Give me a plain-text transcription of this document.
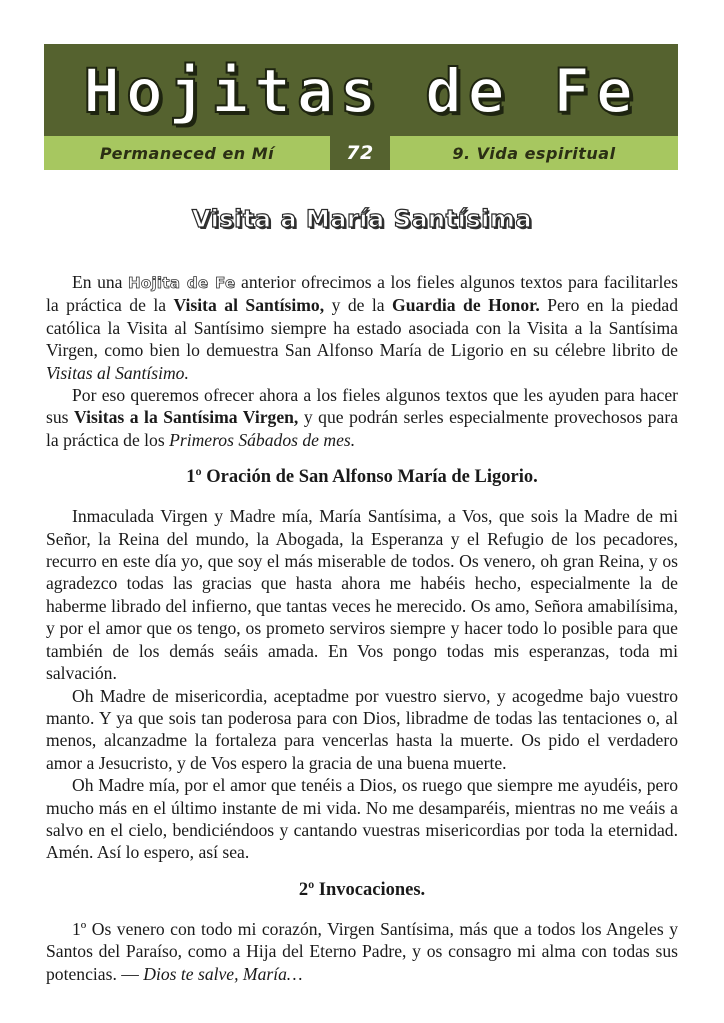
Hojitas de Fe
Permaneced en Mí	72	9. Vida espiritual
Visita a María Santísima

En una Hojita de Fe anterior ofrecimos a los fieles algunos textos para facilitarles la práctica de la Visita al Santísimo, y de la Guardia de Honor. Pero en la piedad católica la Visita al Santísimo siempre ha estado asociada con la Visita a la Santísima Virgen, como bien lo demuestra San Alfonso María de Ligorio en su célebre librito de Visitas al Santísimo.

Por eso queremos ofrecer ahora a los fieles algunos textos que les ayuden para hacer sus Visitas a la Santísima Virgen, y que podrán serles especialmente provechosos para la práctica de los Primeros Sábados de mes.

1º Oración de San Alfonso María de Ligorio.

Inmaculada Virgen y Madre mía, María Santísima, a Vos, que sois la Madre de mi Señor, la Reina del mundo, la Abogada, la Esperanza y el Refugio de los pecadores, recurro en este día yo, que soy el más miserable de todos. Os venero, oh gran Reina, y os agradezco todas las gracias que hasta ahora me habéis hecho, especialmente la de haberme librado del infierno, que tantas veces he merecido. Os amo, Señora amabilísima, y por el amor que os tengo, os prometo serviros siempre y hacer todo lo posible para que también de los demás seáis amada. En Vos pongo todas mis esperanzas, toda mi salvación.

Oh Madre de misericordia, aceptadme por vuestro siervo, y acogedme bajo vuestro manto. Y ya que sois tan poderosa para con Dios, libradme de todas las tentaciones o, al menos, alcanzadme la fortaleza para vencerlas hasta la muerte. Os pido el verdadero amor a Jesucristo, y de Vos espero la gracia de una buena muerte.

Oh Madre mía, por el amor que tenéis a Dios, os ruego que siempre me ayudéis, pero mucho más en el último instante de mi vida. No me desamparéis, mientras no me veáis a salvo en el cielo, bendiciéndoos y cantando vuestras misericordias por toda la eternidad. Amén. Así lo espero, así sea.

2º Invocaciones.

1º Os venero con todo mi corazón, Virgen Santísima, más que a todos los Angeles y Santos del Paraíso, como a Hija del Eterno Padre, y os consagro mi alma con todas sus potencias. — Dios te salve, María…
